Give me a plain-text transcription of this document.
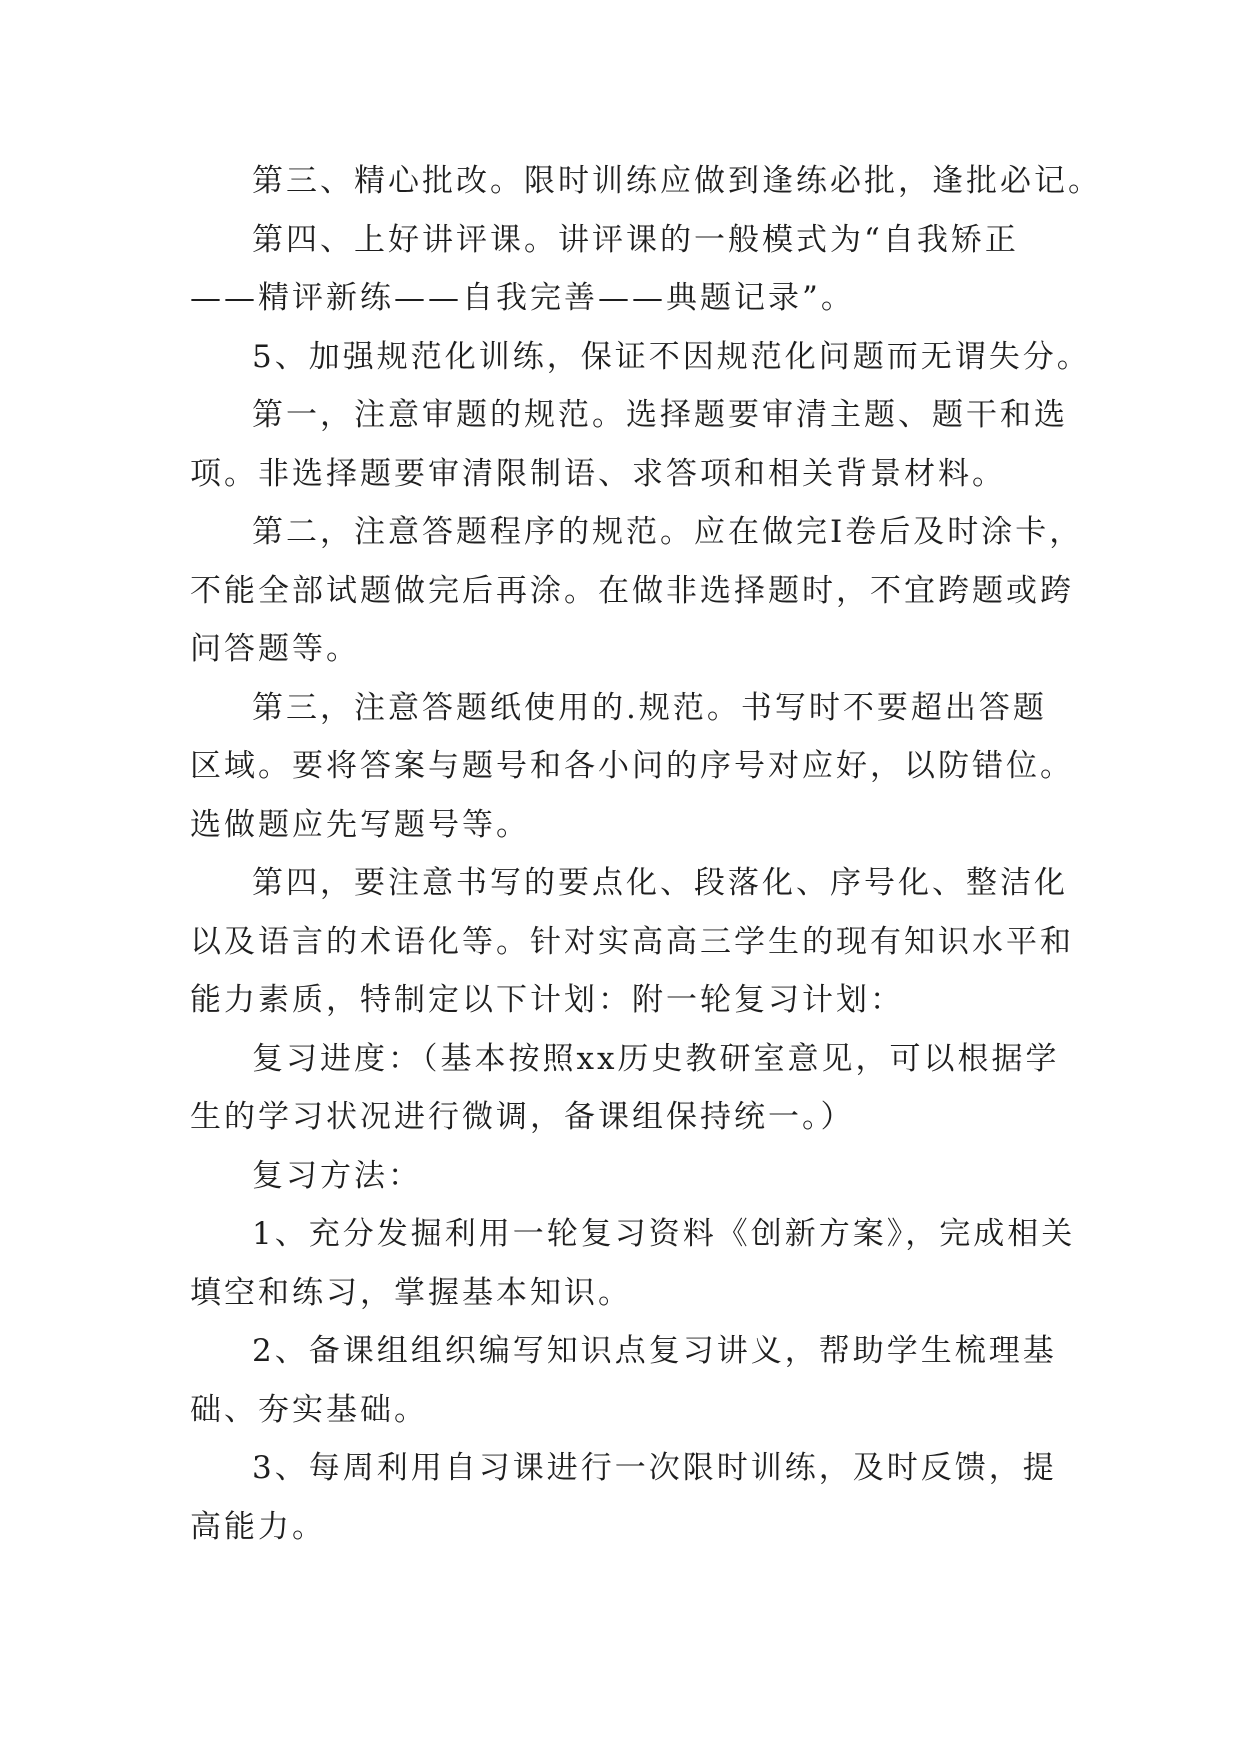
第三、精心批改。限时训练应做到逢练必批，逢批必记。

第四、上好讲评课。讲评课的一般模式为“自我矫正
——精评新练——自我完善——典题记录”。

5、加强规范化训练，保证不因规范化问题而无谓失分。

第一，注意审题的规范。选择题要审清主题、题干和选
项。非选择题要审清限制语、求答项和相关背景材料。

第二，注意答题程序的规范。应在做完Ⅰ卷后及时涂卡，
不能全部试题做完后再涂。在做非选择题时，不宜跨题或跨
问答题等。

第三，注意答题纸使用的.规范。书写时不要超出答题
区域。要将答案与题号和各小问的序号对应好，以防错位。
选做题应先写题号等。

第四，要注意书写的要点化、段落化、序号化、整洁化
以及语言的术语化等。针对实高高三学生的现有知识水平和
能力素质，特制定以下计划：附一轮复习计划：

复习进度：（基本按照xx历史教研室意见，可以根据学
生的学习状况进行微调，备课组保持统一。）

复习方法：

1、充分发掘利用一轮复习资料《创新方案》，完成相关
填空和练习，掌握基本知识。

2、备课组组织编写知识点复习讲义，帮助学生梳理基
础、夯实基础。

3、每周利用自习课进行一次限时训练，及时反馈，提
高能力。
